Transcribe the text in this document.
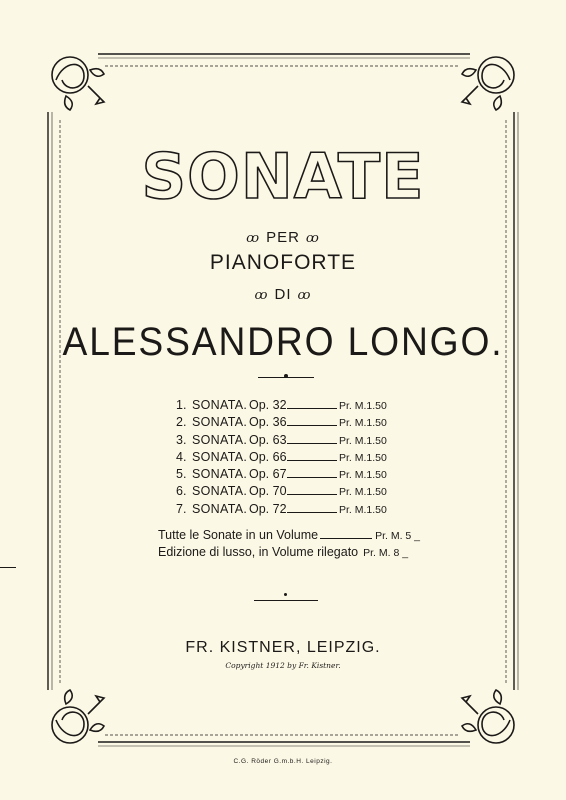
SONATE
ꝏ PER ꝏ
PIANOFORTE
ꝏ DI ꝏ
ALESSANDRO LONGO.
1. SONATA. Op. 32	Pr. M.1.50
2. SONATA. Op. 36	Pr. M.1.50
3. SONATA. Op. 63	Pr. M.1.50
4. SONATA. Op. 66	Pr. M.1.50
5. SONATA. Op. 67	Pr. M.1.50
6. SONATA. Op. 70	Pr. M.1.50
7. SONATA. Op. 72	Pr. M.1.50
Tutte le Sonate in un Volume	Pr. M. 5 _
Edizione di lusso, in Volume rilegato Pr. M. 8 _
FR. KISTNER, LEIPZIG.
Copyright 1912 by Fr. Kistner.
C.G. Röder G.m.b.H. Leipzig.
